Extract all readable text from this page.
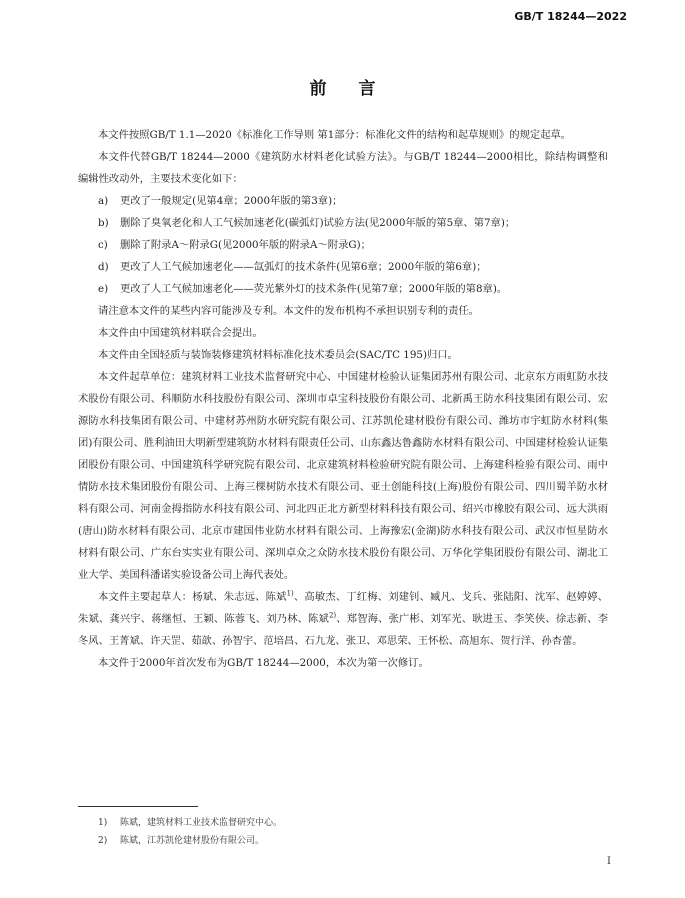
GB/T 18244—2022
前言

本文件按照GB/T 1.1—2020《标准化工作导则 第1部分：标准化文件的结构和起草规则》的规定起草。

本文件代替GB/T 18244—2000《建筑防水材料老化试验方法》。与GB/T 18244—2000相比，除结构调整和编辑性改动外，主要技术变化如下：

a) 更改了一般规定(见第4章；2000年版的第3章)；

b) 删除了臭氧老化和人工气候加速老化(碳弧灯)试验方法(见2000年版的第5章、第7章)；

c) 删除了附录A～附录G(见2000年版的附录A～附录G)；

d) 更改了人工气候加速老化——氙弧灯的技术条件(见第6章；2000年版的第6章)；

e) 更改了人工气候加速老化——荧光紫外灯的技术条件(见第7章；2000年版的第8章)。

请注意本文件的某些内容可能涉及专利。本文件的发布机构不承担识别专利的责任。

本文件由中国建筑材料联合会提出。

本文件由全国轻质与装饰装修建筑材料标准化技术委员会(SAC/TC 195)归口。

本文件起草单位：建筑材料工业技术监督研究中心、中国建材检验认证集团苏州有限公司、北京东方雨虹防水技术股份有限公司、科顺防水科技股份有限公司、深圳市卓宝科技股份有限公司、北新禹王防水科技集团有限公司、宏源防水科技集团有限公司、中建材苏州防水研究院有限公司、江苏凯伦建材股份有限公司、潍坊市宇虹防水材料(集团)有限公司、胜利油田大明新型建筑防水材料有限责任公司、山东鑫达鲁鑫防水材料有限公司、中国建材检验认证集团股份有限公司、中国建筑科学研究院有限公司、北京建筑材料检验研究院有限公司、上海建科检验有限公司、雨中情防水技术集团股份有限公司、上海三棵树防水技术有限公司、亚士创能科技(上海)股份有限公司、四川蜀羊防水材料有限公司、河南金拇指防水科技有限公司、河北四正北方新型材料科技有限公司、绍兴市橡胶有限公司、远大洪雨(唐山)防水材料有限公司、北京市建国伟业防水材料有限公司、上海豫宏(金湖)防水科技有限公司、武汉市恒星防水材料有限公司、广东台实实业有限公司、深圳卓众之众防水技术股份有限公司、万华化学集团股份有限公司、湖北工业大学、美国科潘诺实验设备公司上海代表处。

本文件主要起草人：杨斌、朱志远、陈斌$^{1)}$、高敏杰、丁红梅、刘建钊、臧凡、戈兵、张陆阳、沈军、赵婷婷、朱斌、龚兴宇、蒋继恒、王颖、陈蓉飞、刘乃林、陈斌$^{2)}$、郑智海、张广彬、刘军光、耿进玉、李笑侠、徐志新、李冬风、王菁斌、许天罡、茹歆、孙智宇、范培昌、石九龙、张卫、邓思荣、王怀松、高旭东、贺行洋、孙杏蕾。

本文件于2000年首次发布为GB/T 18244—2000，本次为第一次修订。

1) 陈斌，建筑材料工业技术监督研究中心。
2) 陈斌，江苏凯伦建材股份有限公司。
I
